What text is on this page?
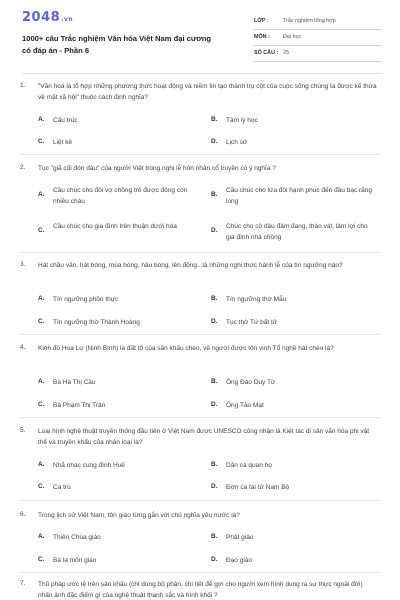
2048.vn
1000+ câu Trắc nghiệm Văn hóa Việt Nam đại cương có đáp án - Phần 6
LỚP :	Trắc nghiệm tổng hợp
MÔN : Đại học
SỐ CÂU : 25
1. "Văn hoá là tổ hợp những phương thức hoạt động và niềm tin tạo thành trụ cột của cuộc sống chúng ta được kế thừa về mặt xã hội" thuộc cách định nghĩa?
A. Cấu trúc	B. Tâm lý học
C. Liệt kê	D. Lịch sử
2. Tục "giã cối đón dâu" của người Việt trong nghi lễ hôn nhân cổ truyền có ý nghĩa ?
A.
Cầu chúc cho đôi vợ chồng trẻ được đông con nhiều cháu
B.
Cầu chúc cho lứa đôi hạnh phúc đến đầu bạc răng long
C.
Cầu chúc cho gia đình trên thuận dưới hòa
D.
Chúc cho cô dâu đảm đang, tháo vát, làm lợi cho gia đình nhà chồng
3. Hát chầu văn, hát bóng, múa bóng, hầu bóng, lên đồng...là những nghi thức hành lễ của tín ngưỡng nào?
A. Tín ngưỡng phồn thực	B. Tín ngưỡng thờ Mẫu
C. Tín ngưỡng thờ Thành Hoàng	D. Tục thờ Tứ bất tử
4. Kinh đô Hoa Lư (Ninh Bình) là đất tổ của sân khấu chèo, vê người được tôn vinh Tổ nghề hát chèo là?
A. Bà Hà Thị Cầu	B. Ông Đào Duy Từ
C. Bà Phạm Thị Trân	D. Ông Tào Mạt
5. Loại hình nghệ thuật truyền thống đầu tiên ở Việt Nam được UNESCO công nhận là Kiệt tác di sản văn hóa phi vật thể và truyền khẩu của nhân loại là?
A. Nhã nhạc cung đình Huế	B. Dân ca quan họ
C. Ca trù	D. Đờn ca tài tử Nam Bộ
6. Trong lịch sử Việt Nam, tôn giáo từng gắn với chủ nghĩa yêu nước là?
A. Thiên Chúa giáo	B. Phật giáo
C. Bà la môn giáo	D. Đạo giáo
7. Thủ pháp ước lệ trên sân khấu (chỉ dùng bộ phận, chi tiết để gợi cho người xem hình dung ra sự thực ngoài đời) nhấn ảnh đặc điểm gì của nghệ thuật thanh sắc và hình khối ?
